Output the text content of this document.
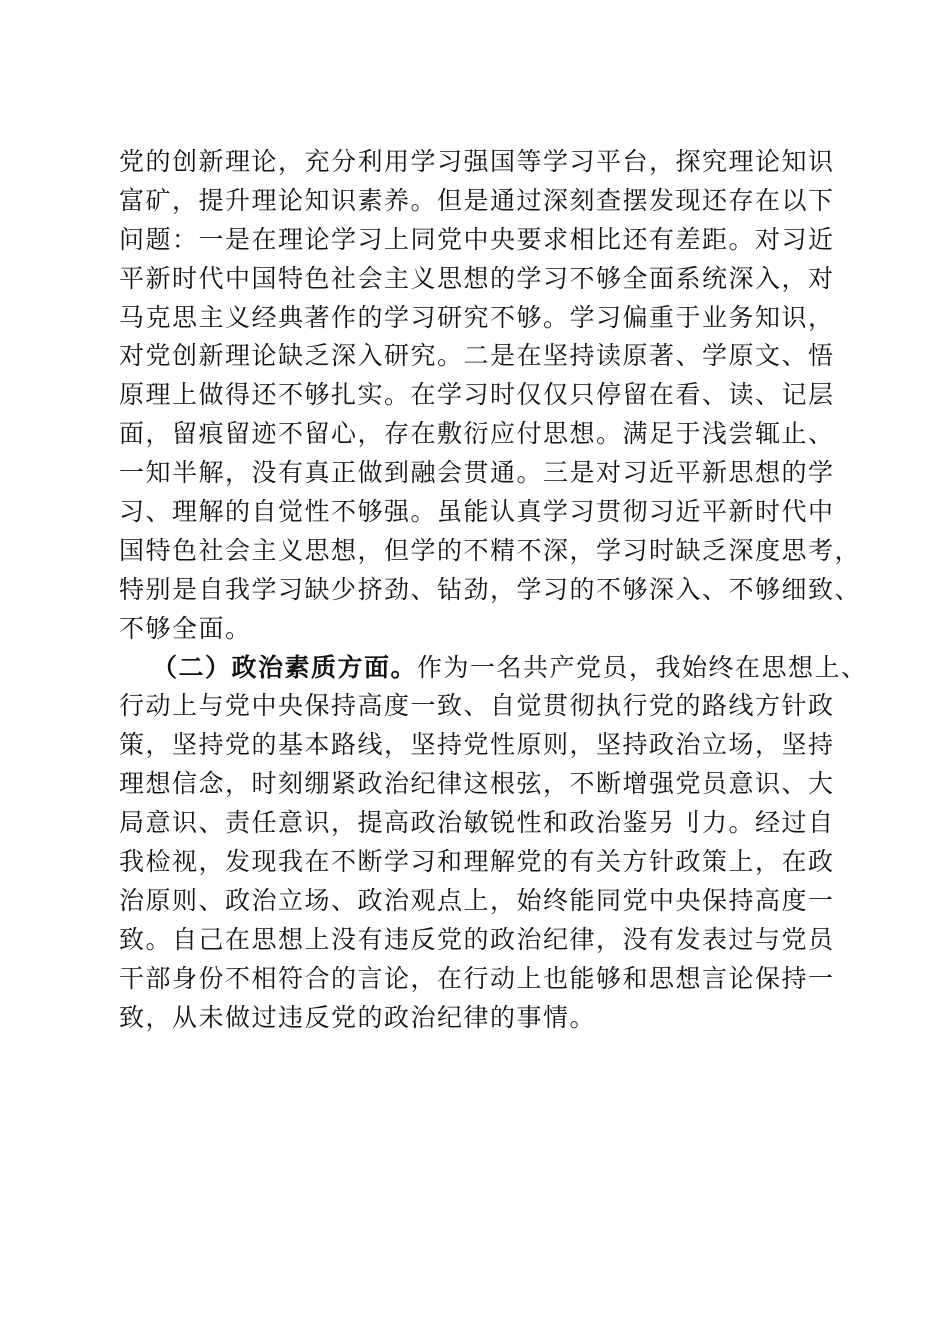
党的创新理论，充分利用学习强国等学习平台，探究理论知识
富矿，提升理论知识素养。但是通过深刻查摆发现还存在以下
问题：一是在理论学习上同党中央要求相比还有差距。对习近
平新时代中国特色社会主义思想的学习不够全面系统深入，对
马克思主义经典著作的学习研究不够。学习偏重于业务知识，
对党创新理论缺乏深入研究。二是在坚持读原著、学原文、悟
原理上做得还不够扎实。在学习时仅仅只停留在看、读、记层
面，留痕留迹不留心，存在敷衍应付思想。满足于浅尝辄止、
一知半解，没有真正做到融会贯通。三是对习近平新思想的学
习、理解的自觉性不够强。虽能认真学习贯彻习近平新时代中
国特色社会主义思想，但学的不精不深，学习时缺乏深度思考，
特别是自我学习缺少挤劲、钻劲，学习的不够深入、不够细致、
不够全面。
（二）政治素质方面。作为一名共产党员，我始终在思想上、
行动上与党中央保持高度一致、自觉贯彻执行党的路线方针政
策，坚持党的基本路线，坚持党性原则，坚持政治立场，坚持
理想信念，时刻绷紧政治纪律这根弦，不断增强党员意识、大
局意识、责任意识，提高政治敏锐性和政治鉴另刂力。经过自
我检视，发现我在不断学习和理解党的有关方针政策上，在政
治原则、政治立场、政治观点上，始终能同党中央保持高度一
致。自己在思想上没有违反党的政治纪律，没有发表过与党员
干部身份不相符合的言论，在行动上也能够和思想言论保持一
致，从未做过违反党的政治纪律的事情。
